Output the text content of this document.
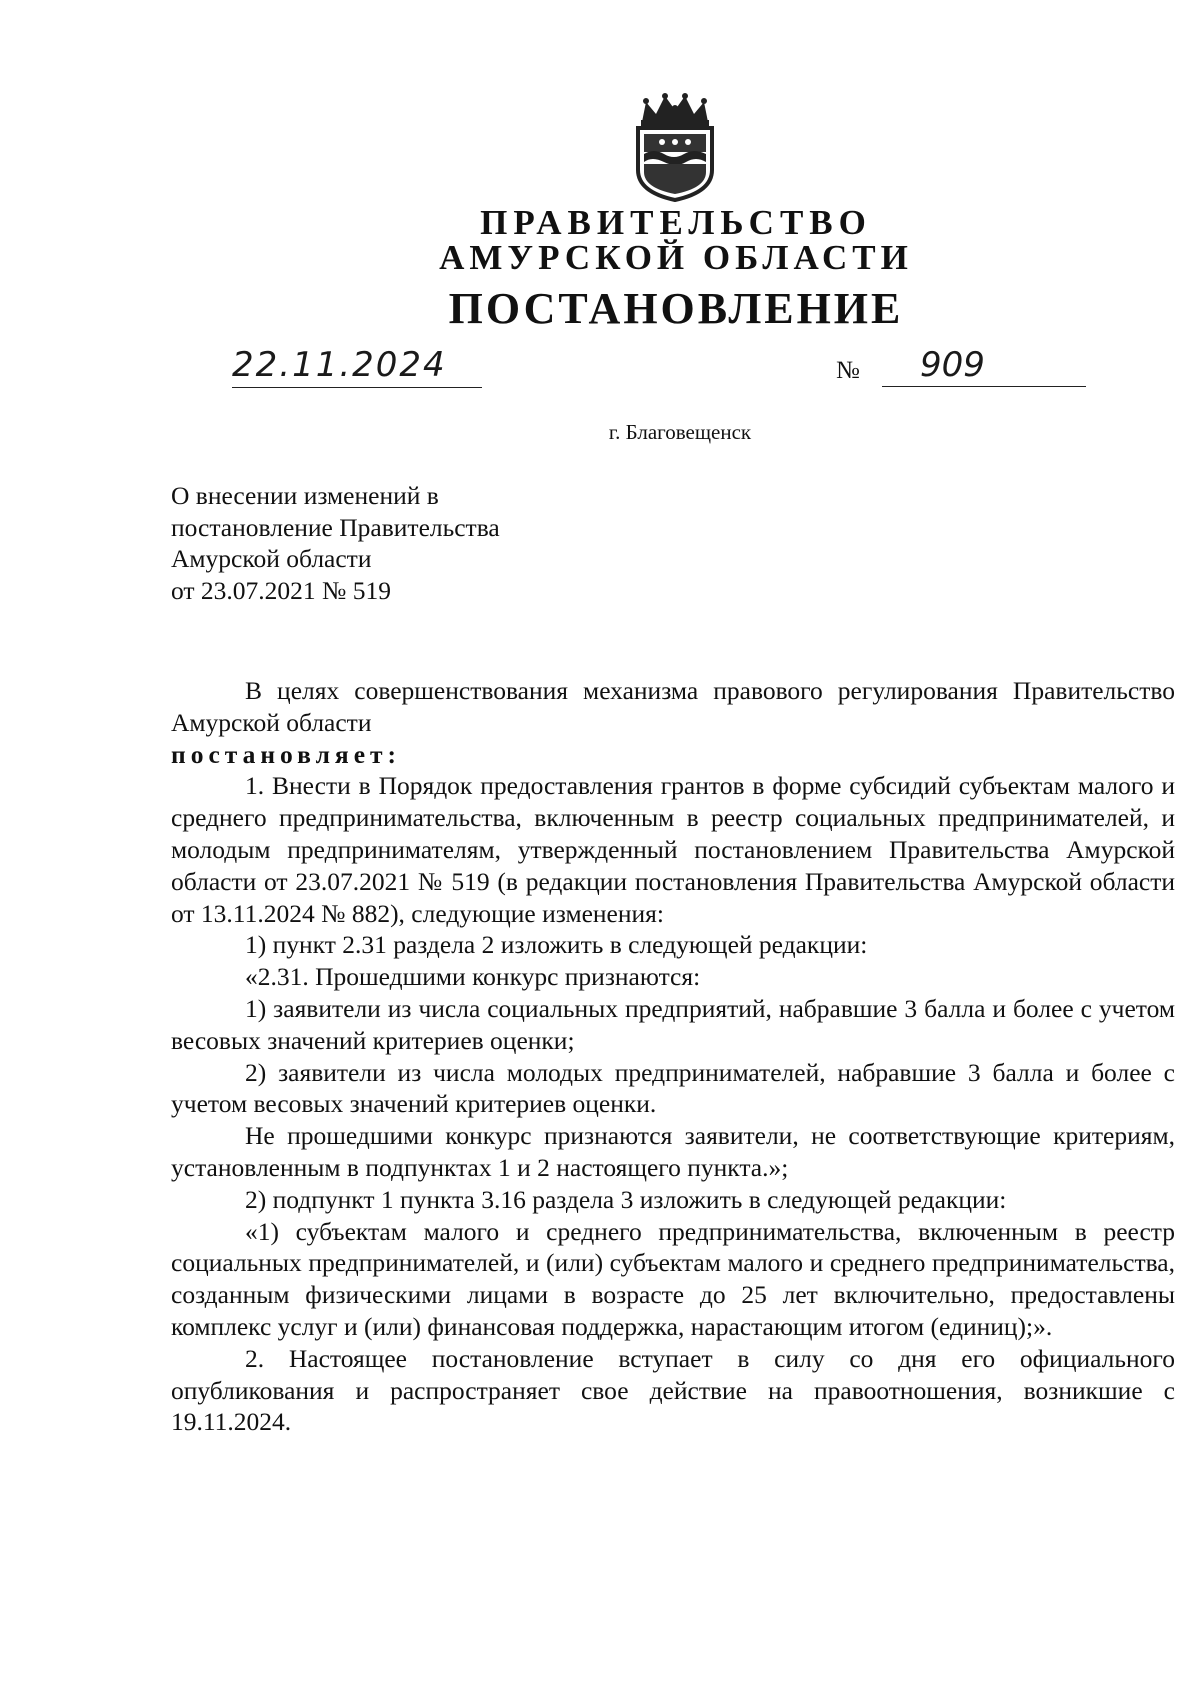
ПРАВИТЕЛЬСТВО
АМУРСКОЙ ОБЛАСТИ
ПОСТАНОВЛЕНИЕ
22.11.2024	№	909
г. Благовещенск
О внесении изменений в
постановление Правительства
Амурской области
от 23.07.2021 № 519

В целях совершенствования механизма правового регулирования Правительство Амурской области

постановляет:

1. Внести в Порядок предоставления грантов в форме субсидий субъектам малого и среднего предпринимательства, включенным в реестр социальных предпринимателей, и молодым предпринимателям, утвержденный постановлением Правительства Амурской области от 23.07.2021 № 519 (в редакции постановления Правительства Амурской области от 13.11.2024 № 882), следующие изменения:

1) пункт 2.31 раздела 2 изложить в следующей редакции:

«2.31. Прошедшими конкурс признаются:

1) заявители из числа социальных предприятий, набравшие 3 балла и более с учетом весовых значений критериев оценки;

2) заявители из числа молодых предпринимателей, набравшие 3 балла и более с учетом весовых значений критериев оценки.

Не прошедшими конкурс признаются заявители, не соответствующие критериям, установленным в подпунктах 1 и 2 настоящего пункта.»;

2) подпункт 1 пункта 3.16 раздела 3 изложить в следующей редакции:

«1) субъектам малого и среднего предпринимательства, включенным в реестр социальных предпринимателей, и (или) субъектам малого и среднего предпринимательства, созданным физическими лицами в возрасте до 25 лет включительно, предоставлены комплекс услуг и (или) финансовая поддержка, нарастающим итогом (единиц);».

2. Настоящее постановление вступает в силу со дня его официального опубликования и распространяет свое действие на правоотношения, возникшие с 19.11.2024.
